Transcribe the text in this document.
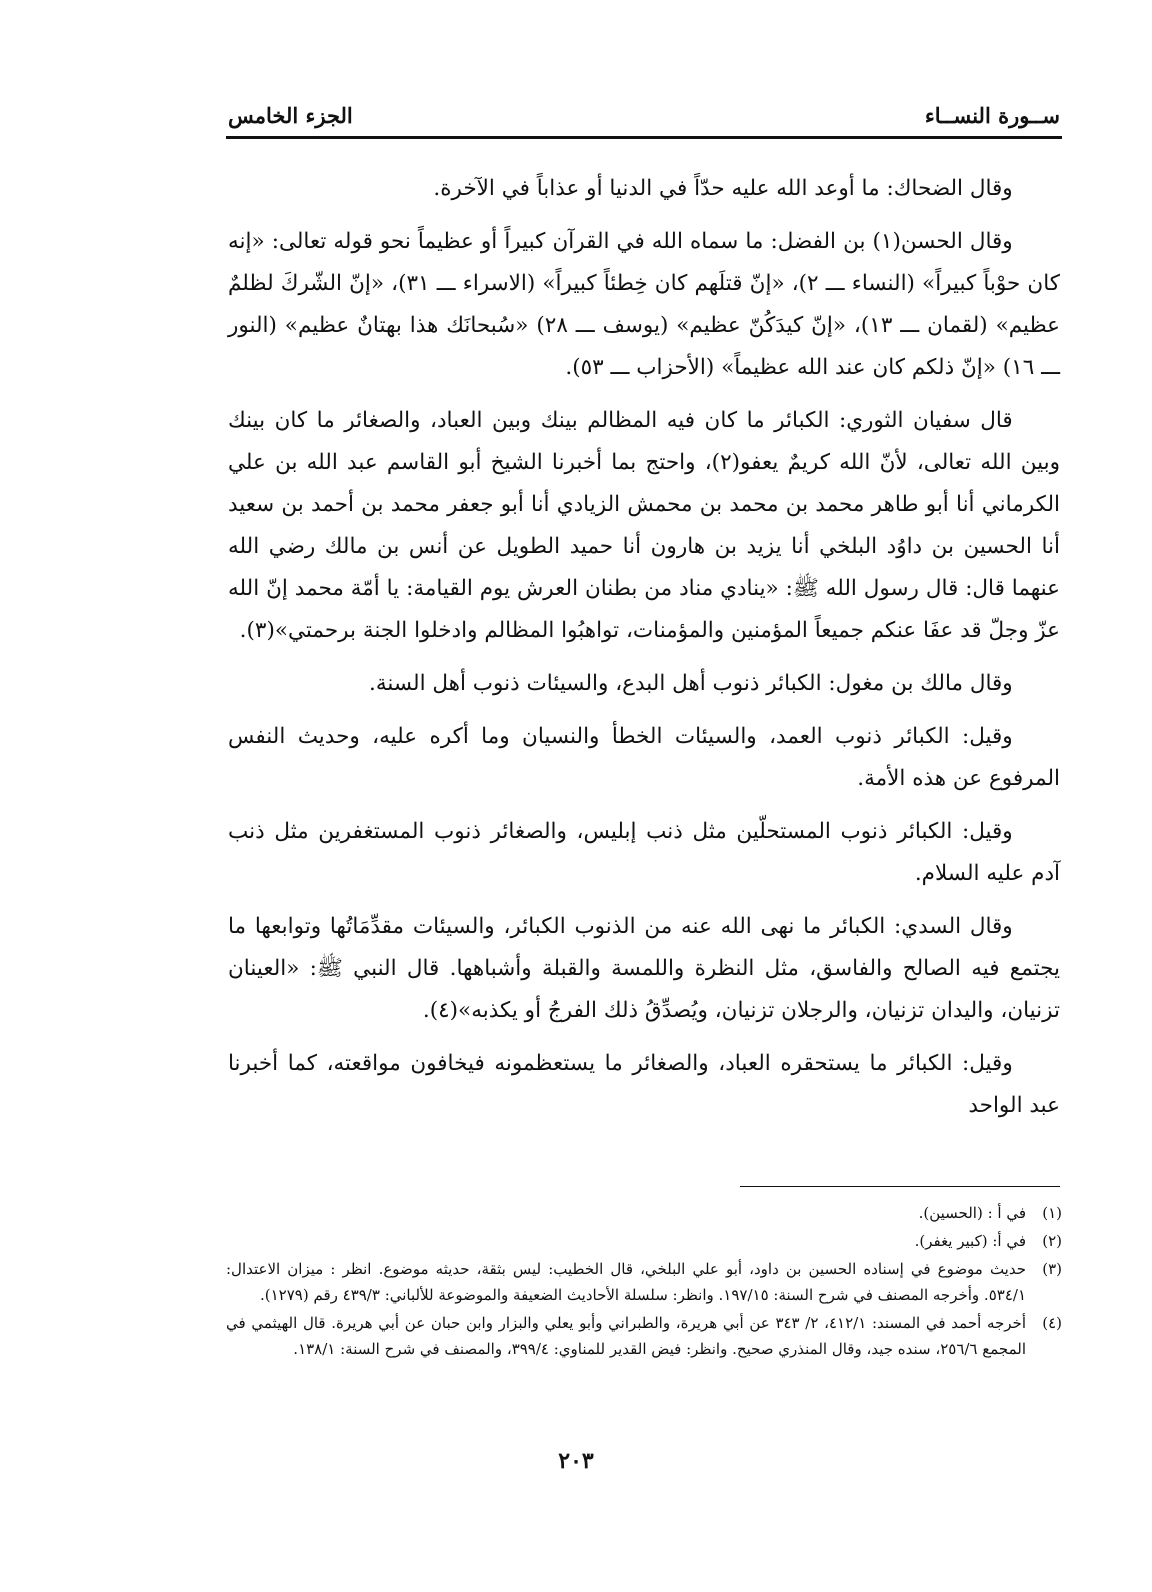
ســورة النســاء
الجزء الخامس

وقال الضحاك: ما أوعد الله عليه حدّاً في الدنيا أو عذاباً في الآخرة.

وقال الحسن(١) بن الفضل: ما سماه الله في القرآن كبيراً أو عظيماً نحو قوله تعالى: «إنه كان حوْباً كبيراً» (النساء ـــ ٢)، «إنّ قتلَهم كان خِطئاً كبيراً» (الاسراء ـــ ٣١)، «إنّ الشّركَ لظلمٌ عظيم» (لقمان ـــ ١٣)، «إنّ كيدَكُنّ عظيم» (يوسف ـــ ٢٨) «سُبحانَك هذا بهتانٌ عظيم» (النور ـــ ١٦) «إنّ ذلكم كان عند الله عظيماً» (الأحزاب ـــ ٥٣).

قال سفيان الثوري: الكبائر ما كان فيه المظالم بينك وبين العباد، والصغائر ما كان بينك وبين الله تعالى، لأنّ الله كريمٌ يعفو(٢)، واحتج بما أخبرنا الشيخ أبو القاسم عبد الله بن علي الكرماني أنا أبو طاهر محمد بن محمد بن محمش الزيادي أنا أبو جعفر محمد بن أحمد بن سعيد أنا الحسين بن داوُد البلخي أنا يزيد بن هارون أنا حميد الطويل عن أنس بن مالك رضي الله عنهما قال: قال رسول الله ﷺ: «ينادي مناد من بطنان العرش يوم القيامة: يا أمّة محمد إنّ الله عزّ وجلّ قد عفَا عنكم جميعاً المؤمنين والمؤمنات، تواهبُوا المظالم وادخلوا الجنة برحمتي»(٣).

وقال مالك بن مغول: الكبائر ذنوب أهل البدع، والسيئات ذنوب أهل السنة.

وقيل: الكبائر ذنوب العمد، والسيئات الخطأ والنسيان وما أكره عليه، وحديث النفس المرفوع عن هذه الأمة.

وقيل: الكبائر ذنوب المستحلّين مثل ذنب إبليس، والصغائر ذنوب المستغفرين مثل ذنب آدم عليه السلام.

وقال السدي: الكبائر ما نهى الله عنه من الذنوب الكبائر، والسيئات مقدِّمَاتُها وتوابعها ما يجتمع فيه الصالح والفاسق، مثل النظرة واللمسة والقبلة وأشباهها. قال النبي ﷺ: «العينان تزنيان، واليدان تزنيان، والرجلان تزنيان، ويُصدِّقُ ذلك الفرجُ أو يكذبه»(٤).

وقيل: الكبائر ما يستحقره العباد، والصغائر ما يستعظمونه فيخافون مواقعته، كما أخبرنا عبد الواحد

(١)
في أ : (الحسين).
(٢)
في أ: (كبير يغفر).
(٣)
حديث موضوع في إسناده الحسين بن داود، أبو علي البلخي، قال الخطيب: ليس بثقة، حديثه موضوع. انظر : ميزان الاعتدال: ٥٣٤/١. وأخرجه المصنف في شرح السنة: ١٩٧/١٥. وانظر: سلسلة الأحاديث الضعيفة والموضوعة للألباني: ٤٣٩/٣ رقم (١٢٧٩).
(٤)
أخرجه أحمد في المسند: ٤١٢/١، ٢/ ٣٤٣ عن أبي هريرة، والطبراني وأبو يعلي والبزار وابن حبان عن أبي هريرة. قال الهيثمي في المجمع ٢٥٦/٦، سنده جيد، وقال المنذري صحيح. وانظر: فيض القدير للمناوي: ٣٩٩/٤، والمصنف في شرح السنة: ١٣٨/١.
٢٠٣
